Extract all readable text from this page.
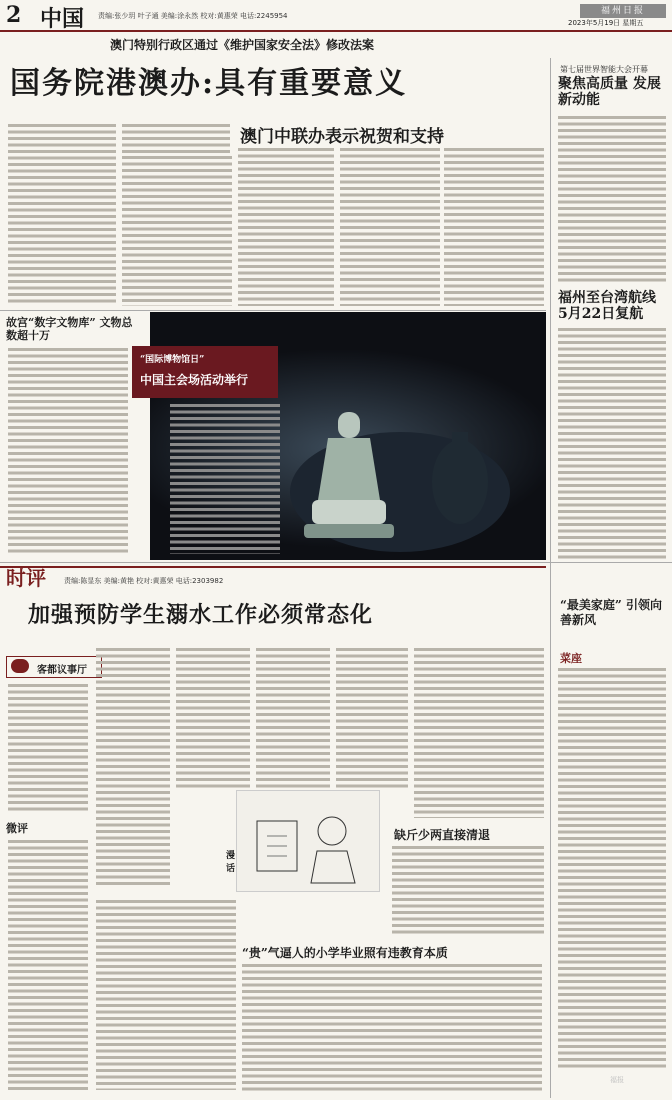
2 中国 责编:张少玥 叶子通 美编:涂永然 校对:黄惠荣 电话:2245954	福州日报
2023年5月19日 星期五
澳门特别行政区通过《维护国家安全法》修改法案
国务院港澳办:具有重要意义
澳门中联办表示祝贺和支持
第七届世界智能大会开幕
聚焦高质量 发展新动能
福州至台湾航线 5月22日复航
故宫“数字文物库” 文物总数超十万
“国际博物馆日”
中国主会场活动举行
时评	责编:陈显东 美编:黄艳 校对:黄惠荣 电话:2303982
加强预防学生溺水工作必须常态化
客都议事厅
微评
漫话
缺斤少两直接清退
“贵”气逼人的小学毕业照有违教育本质
“最美家庭” 引领向善新风
菜座
福报
